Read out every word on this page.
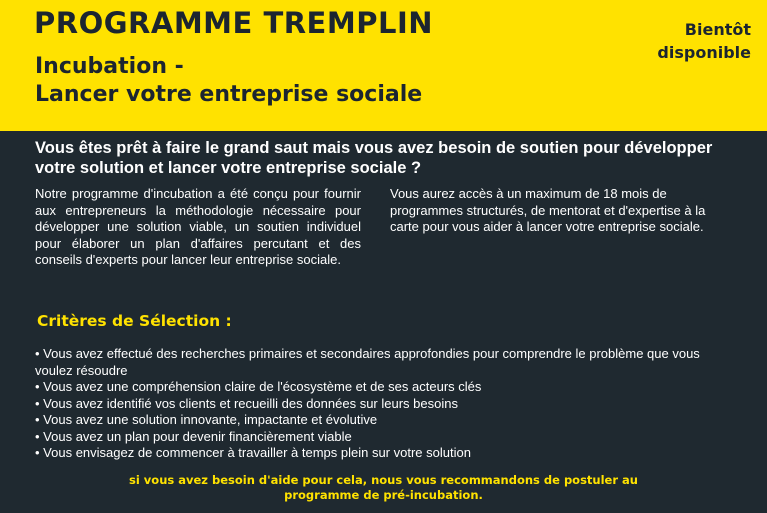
PROGRAMME TREMPLIN
Incubation -
Lancer votre entreprise sociale
Bientôt
disponible

Vous êtes prêt à faire le grand saut mais vous avez besoin de soutien pour développer votre solution et lancer votre entreprise sociale ?

Notre programme d'incubation a été conçu pour fournir aux entrepreneurs la méthodologie nécessaire pour développer une solution viable, un soutien individuel pour élaborer un plan d'affaires percutant et des conseils d'experts pour lancer leur entreprise sociale.

Vous aurez accès à un maximum de 18 mois de programmes structurés, de mentorat et d'expertise à la carte pour vous aider à lancer votre entreprise sociale.

Critères de Sélection :
• Vous avez effectué des recherches primaires et secondaires approfondies pour comprendre le problème que vous voulez résoudre
• Vous avez une compréhension claire de l'écosystème et de ses acteurs clés
• Vous avez identifié vos clients et recueilli des données sur leurs besoins
• Vous avez une solution innovante, impactante et évolutive
• Vous avez un plan pour devenir financièrement viable
• Vous envisagez de commencer à travailler à temps plein sur votre solution

si vous avez besoin d'aide pour cela, nous vous recommandons de postuler au programme de pré-incubation.
